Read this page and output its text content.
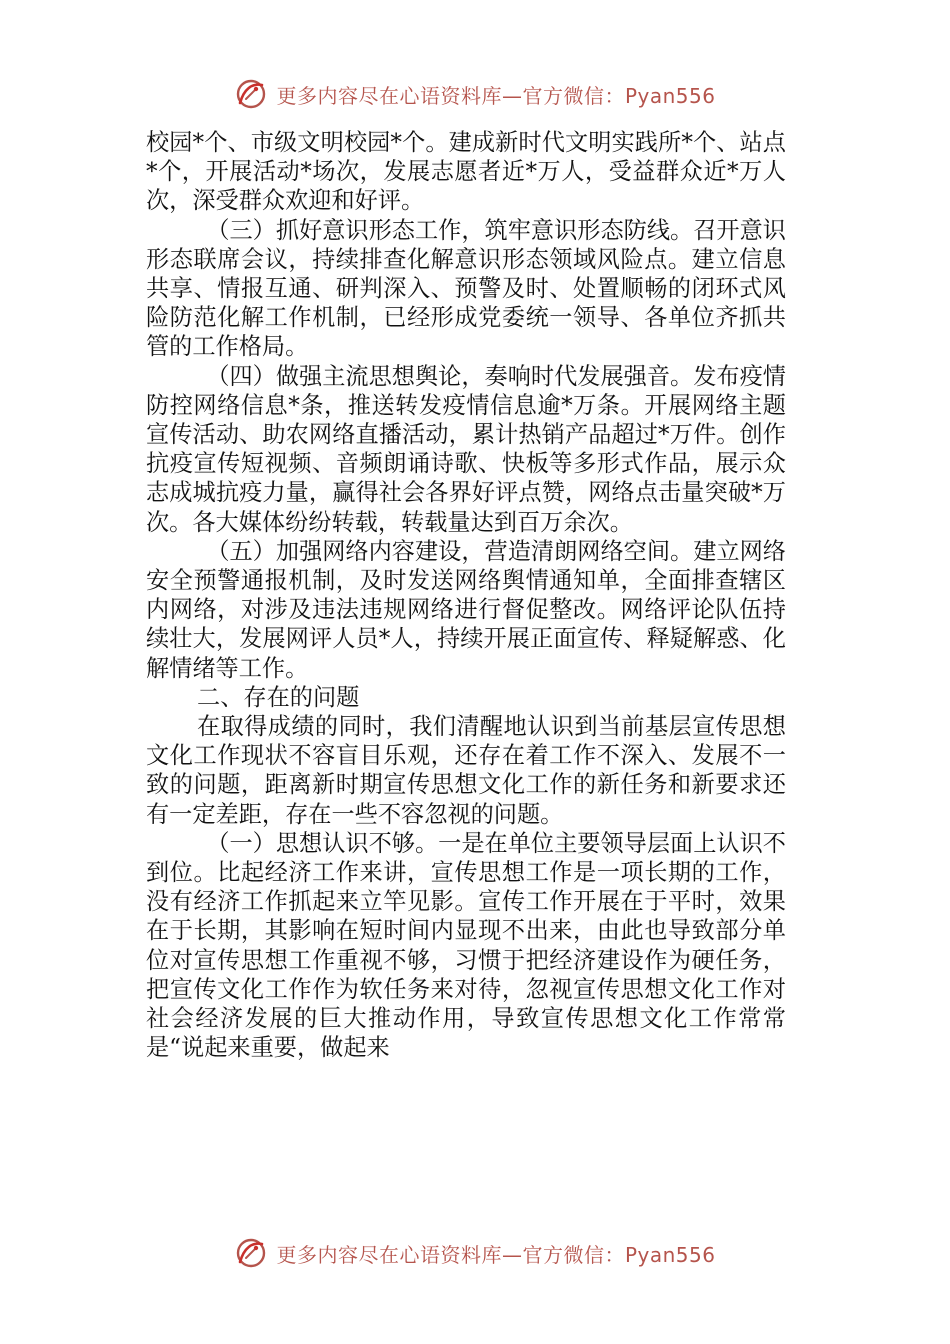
更多内容尽在心语资料库—官方微信：Pyan556

校园*个、市级文明校园*个。建成新时代文明实践所*个、站点*个，开展活动*场次，发展志愿者近*万人，受益群众近*万人次，深受群众欢迎和好评。

（三）抓好意识形态工作，筑牢意识形态防线。召开意识形态联席会议，持续排查化解意识形态领域风险点。建立信息共享、情报互通、研判深入、预警及时、处置顺畅的闭环式风险防范化解工作机制，已经形成党委统一领导、各单位齐抓共管的工作格局。

（四）做强主流思想舆论，奏响时代发展强音。发布疫情防控网络信息*条，推送转发疫情信息逾*万条。开展网络主题宣传活动、助农网络直播活动，累计热销产品超过*万件。创作抗疫宣传短视频、音频朗诵诗歌、快板等多形式作品，展示众志成城抗疫力量，赢得社会各界好评点赞，网络点击量突破*万次。各大媒体纷纷转载，转载量达到百万余次。

（五）加强网络内容建设，营造清朗网络空间。建立网络安全预警通报机制，及时发送网络舆情通知单，全面排查辖区内网络，对涉及违法违规网络进行督促整改。网络评论队伍持续壮大，发展网评人员*人，持续开展正面宣传、释疑解惑、化解情绪等工作。

二、存在的问题

在取得成绩的同时，我们清醒地认识到当前基层宣传思想文化工作现状不容盲目乐观，还存在着工作不深入、发展不一致的问题，距离新时期宣传思想文化工作的新任务和新要求还有一定差距，存在一些不容忽视的问题。

（一）思想认识不够。一是在单位主要领导层面上认识不到位。比起经济工作来讲，宣传思想工作是一项长期的工作，没有经济工作抓起来立竿见影。宣传工作开展在于平时，效果在于长期，其影响在短时间内显现不出来，由此也导致部分单位对宣传思想工作重视不够，习惯于把经济建设作为硬任务，把宣传文化工作作为软任务来对待，忽视宣传思想文化工作对社会经济发展的巨大推动作用，导致宣传思想文化工作常常是“说起来重要，做起来

更多内容尽在心语资料库—官方微信：Pyan556
